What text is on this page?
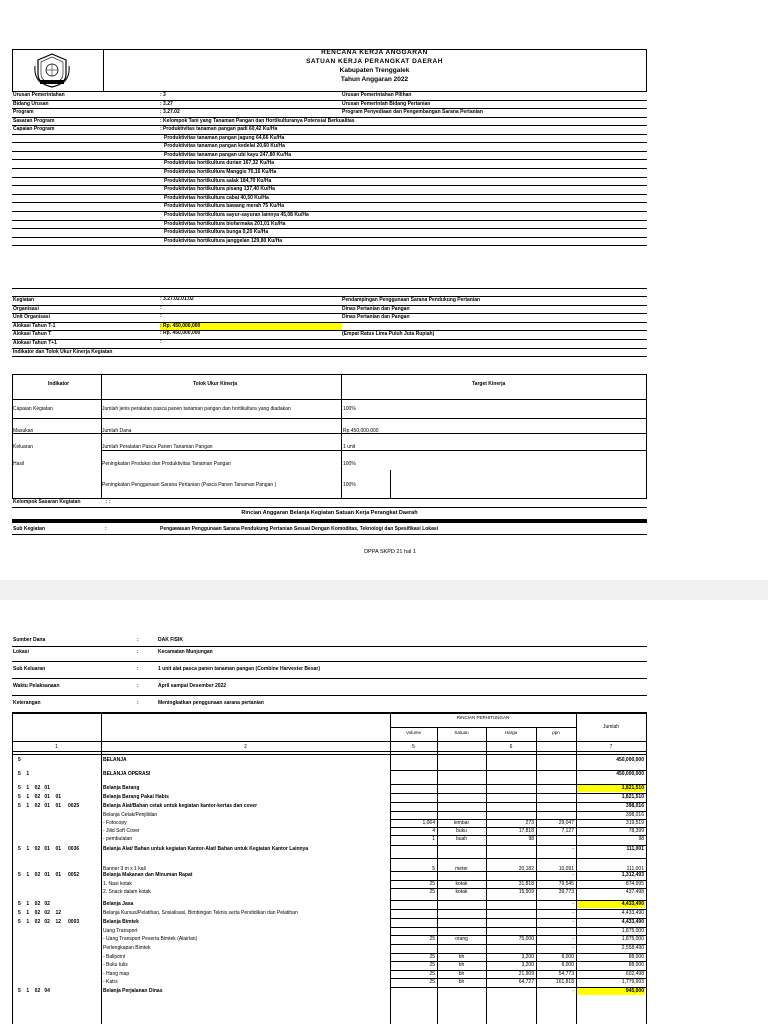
RENCANA KERJA ANGGARAN
SATUAN KERJA PERANGKAT DAERAH
Kabupaten Trenggalek
Tahun Anggaran 2022
Urusan Pemerintahan	: 3	Urusan Pemerintahan Pilihan
Bidang Urusan	: 3.27	Urusan Pemerintah Bidang Pertanian
Program	: 3.27.02	Program Penyediaan dan Pengembangan Sarana Pertanian
Sasaran Program	: Kelompok Tani yang Tanaman Pangan dan Hortikulturanya Potensial Berkualitas
Capaian Program	: Produktivitas tanaman pangan padi 60,42 Ku/Ha
Produktivitas tanaman pangan jagung 64,66 Ku/Ha
Produktivitas tanaman pangan kedelai 20,60 Ku/Ha
Produktivitas tanaman pangan ubi kayu 247,80 Ku/Ha
Produktivitas hortikultura durian 167,32 Ku/Ha
Produktivitas hortikultura Manggis 70,16 Ku/Ha
Produktivitas hortikultura salak 184,70 Ku/Ha
Produktivitas hortikultura pisang 137,40 Ku/Ha
Produktivitas hortikultura cabai 40,50 Ku/Ha
Produktivitas hortikultura bawang merah 75 Ku/Ha
Produktivitas hortikultura sayur-sayuran lainnya 45,08 Ku/Ha
Produktivitas hortikultura biofarmaka 201,01 Ku/Ha
Produktivitas hortikultura bunga 0,20 Ku/Ha
Produktivitas hortikultura janggelan 129,80 Ku/Ha
Kegiatan	: 3.27.02.01.02	Pendampingan Penggunaan Sarana Pendukung Pertanian
Organisasi	:	Dinas Pertanian dan Pangan
Unit Organisasi	:	Dinas Pertanian dan Pangan
Alokasi Tahun T-1	: Rp. 450,000,000
Alokasi Tahun T	: Rp. 450,000,000	(Empat Ratus Lima Puluh Juta Rupiah)
Alokasi Tahun T+1	:
Indikator dan Tolok Ukur Kinerja Kegiatan
Indikator	Tolok Ukur Kinerja	Target Kinerja
Capaian Kegiatan	Jumlah jenis peralatan pasca panen tanaman pangan dan hortikultura yang diadakan	100%
Masukan	Jumlah Dana	Rp 450,000,000
Keluaran	Jumlah Peralatan Pasca Panen Tanaman Pangan	1 unit
Hasil	Peningkatan Produksi dan Produktivitas Tanaman Pangan	100%
Peningkatan Penggunaan Sarana Pertanian (Pasca Panen Tanaman Pangan )	100%
Kelompok Sasaran Kegiatan	: :
Rincian Anggaran Belanja Kegiatan Satuan Kerja Perangkat Daerah
Sub Kegiatan	:	Pengawasan Penggunaan Sarana Pendukung Pertanian Sesuai Dengan Komoditas, Teknologi dan Spesifikasi Lokasi
DPPA SKPD 21 hal 1
Sumber Dana	:	DAK FISIK
Lokasi	:	Kecamatan Munjungan
Sub Keluaran	:	1 unit alat pasca panen tanaman pangan (Combine Harvester Besar)
Waktu Pelaksanaan	:	April sampai Desember 2022
Keterangan	:	Meningkatkan penggunaan sarana pertanian
RINCIAN PERHITUNGAN
Jumlah
Volume	Satuan	Harga	ppn
1	2	5	6	7
5	BELANJA	450,000,000
5    1	BELANJA OPERASI	450,000,000
5    1    02   01	Belanja Barang	1,821,510
5    1    02   01    01	Belanja Barang Pakai Habis	1,821,510
5    1    02   01    01     0025	Belanja Alat/Bahan cetak untuk kegiatan kantor-kertas dan cover	398,016
Belanja Cetak/Penjilidan	398,016
- Fotocopy	1,064	lembar	273	29,047	319,519
- Jilid Soft Cover	4	buku	17,818	7,127	78,399
- pembulatan	1	buah	98	98
5    1    02   01    01     0036	Belanja Alat/ Bahan untuk kegiatan Kantor-Alat/ Bahan untuk Kegiatan Kantor Lainnya	-	111,001
Banner 3 m x 1 kali	5	meter	20,182	10,091	111,001
5    1    02   01    01     0052	Belanja Makanan dan Minuman Rapat	-	1,312,493
1. Nasi kotak	25	kotak	31,818	79,545	874,995
2. Snack dalam kotak	25	kotak	15,909	39,773	437,498
5    1    02   02	Belanja Jasa	-	4,433,490
5    1    02   02    12	Belanja Kursus/Pelatihan, Sosialisasi, Bimbingan Teknis serta Pendidikan dan Pelatihan	-	4,433,490
5    1    02   02    12     0003	Belanja Bimtek	-	4,433,490
Uang Transport	1,875,000
- Uang Transport Peserta Bimtek (Alairlan)	25	orang	75,000	-	1,875,000
Perlengkapan Bimtek	-	2,558,490
- Ballpoint	25	bh	3,200	8,000	88,000
- Buku tulis	25	bh	3,200	8,000	88,000
- Hang map	25	bh	21,909	54,773	602,498
- Katrs	25	bh	64,727	161,818	1,779,993
5    1    02   04	Belanja Perjalanan Dinas	-	945,000
